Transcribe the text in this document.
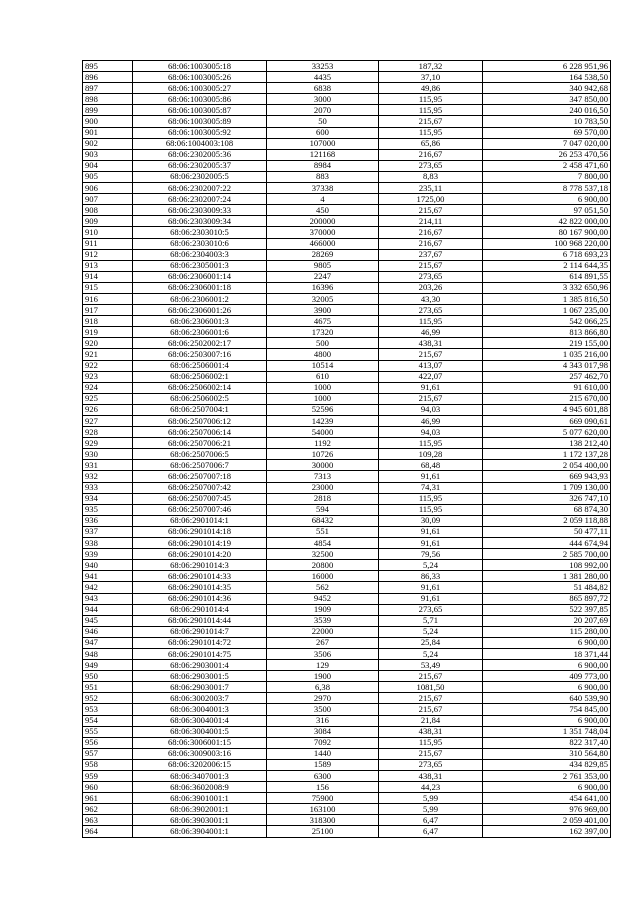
895	68:06:1003005:18	33253	187,32	6 228 951,96
896	68:06:1003005:26	4435	37,10	164 538,50
897	68:06:1003005:27	6838	49,86	340 942,68
898	68:06:1003005:86	3000	115,95	347 850,00
899	68:06:1003005:87	2070	115,95	240 016,50
900	68:06:1003005:89	50	215,67	10 783,50
901	68:06:1003005:92	600	115,95	69 570,00
902	68:06:1004003:108	107000	65,86	7 047 020,00
903	68:06:2302005:36	121168	216,67	26 253 470,56
904	68:06:2302005:37	8984	273,65	2 458 471,60
905	68:06:2302005:5	883	8,83	7 800,00
906	68:06:2302007:22	37338	235,11	8 778 537,18
907	68:06:2302007:24	4	1725,00	6 900,00
908	68:06:2303009:33	450	215,67	97 051,50
909	68:06:2303009:34	200000	214,11	42 822 000,00
910	68:06:2303010:5	370000	216,67	80 167 900,00
911	68:06:2303010:6	466000	216,67	100 968 220,00
912	68:06:2304003:3	28269	237,67	6 718 693,23
913	68:06:2305001:3	9805	215,67	2 114 644,35
914	68:06:2306001:14	2247	273,65	614 891,55
915	68:06:2306001:18	16396	203,26	3 332 650,96
916	68:06:2306001:2	32005	43,30	1 385 816,50
917	68:06:2306001:26	3900	273,65	1 067 235,00
918	68:06:2306001:3	4675	115,95	542 066,25
919	68:06:2306001:6	17320	46,99	813 866,80
920	68:06:2502002:17	500	438,31	219 155,00
921	68:06:2503007:16	4800	215,67	1 035 216,00
922	68:06:2506001:4	10514	413,07	4 343 017,98
923	68:06:2506002:1	610	422,07	257 462,70
924	68:06:2506002:14	1000	91,61	91 610,00
925	68:06:2506002:5	1000	215,67	215 670,00
926	68:06:2507004:1	52596	94,03	4 945 601,88
927	68:06:2507006:12	14239	46,99	669 090,61
928	68:06:2507006:14	54000	94,03	5 077 620,00
929	68:06:2507006:21	1192	115,95	138 212,40
930	68:06:2507006:5	10726	109,28	1 172 137,28
931	68:06:2507006:7	30000	68,48	2 054 400,00
932	68:06:2507007:18	7313	91,61	669 943,93
933	68:06:2507007:42	23000	74,31	1 709 130,00
934	68:06:2507007:45	2818	115,95	326 747,10
935	68:06:2507007:46	594	115,95	68 874,30
936	68:06:2901014:1	68432	30,09	2 059 118,88
937	68:06:2901014:18	551	91,61	50 477,11
938	68:06:2901014:19	4854	91,61	444 674,94
939	68:06:2901014:20	32500	79,56	2 585 700,00
940	68:06:2901014:3	20800	5,24	108 992,00
941	68:06:2901014:33	16000	86,33	1 381 280,00
942	68:06:2901014:35	562	91,61	51 484,82
943	68:06:2901014:36	9452	91,61	865 897,72
944	68:06:2901014:4	1909	273,65	522 397,85
945	68:06:2901014:44	3539	5,71	20 207,69
946	68:06:2901014:7	22000	5,24	115 280,00
947	68:06:2901014:72	267	25,84	6 900,00
948	68:06:2901014:75	3506	5,24	18 371,44
949	68:06:2903001:4	129	53,49	6 900,00
950	68:06:2903001:5	1900	215,67	409 773,00
951	68:06:2903001:7	6,38	1081,50	6 900,00
952	68:06:3002003:7	2970	215,67	640 539,90
953	68:06:3004001:3	3500	215,67	754 845,00
954	68:06:3004001:4	316	21,84	6 900,00
955	68:06:3004001:5	3084	438,31	1 351 748,04
956	68:06:3006001:15	7092	115,95	822 317,40
957	68:06:3009003:16	1440	215,67	310 564,80
958	68:06:3202006:15	1589	273,65	434 829,85
959	68:06:3407001:3	6300	438,31	2 761 353,00
960	68:06:3602008:9	156	44,23	6 900,00
961	68:06:3901001:1	75900	5,99	454 641,00
962	68:06:3902001:1	163100	5,99	976 969,00
963	68:06:3903001:1	318300	6,47	2 059 401,00
964	68:06:3904001:1	25100	6,47	162 397,00
